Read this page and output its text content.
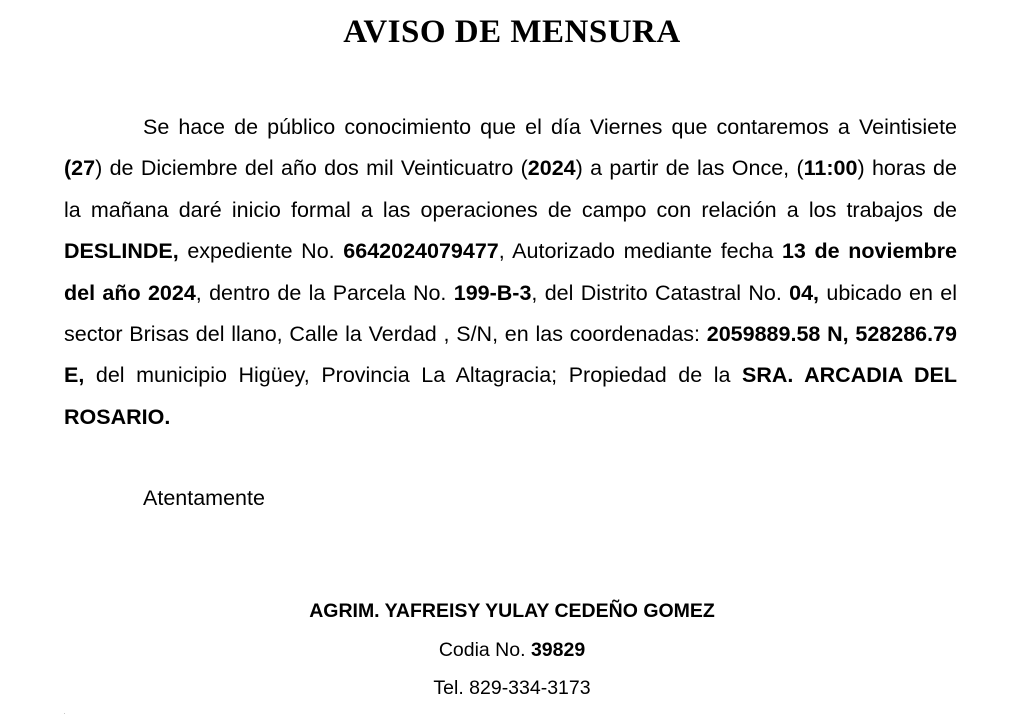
AVISO DE MENSURA

Se hace de público conocimiento que el día Viernes que contaremos a Veintisiete (27) de Diciembre del año dos mil Veinticuatro (2024) a partir de las Once, (11:00) horas de la mañana daré inicio formal a las operaciones de campo con relación a los trabajos de DESLINDE, expediente No. 6642024079477, Autorizado mediante fecha 13 de noviembre del año 2024, dentro de la Parcela No. 199-B-3, del Distrito Catastral No. 04, ubicado en el sector Brisas del llano, Calle la Verdad , S/N, en las coordenadas: 2059889.58 N, 528286.79 E, del municipio Higüey, Provincia La Altagracia; Propiedad de la SRA. ARCADIA DEL ROSARIO.

Atentamente

AGRIM. YAFREISY YULAY CEDEÑO GOMEZ

Codia No. 39829

Tel. 829-334-3173
